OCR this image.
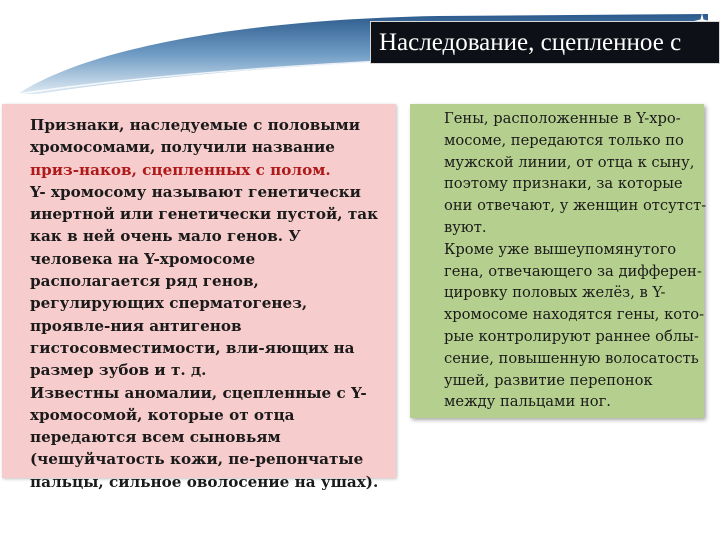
Наследование, сцепленное с

Признаки, наследуемые с половыми хромосомами, получили название приз-наков, сцепленных с полом.

Y- хромосому называют генетически инертной или генетически пустой, так как в ней очень мало генов. У человека на Y-хромосоме располагается ряд генов, регулирующих сперматогенез, проявле-ния антигенов гистосовместимости, вли-яющих на размер зубов и т. д.

Известны аномалии, сцепленные с Y-хромосомой, которые от отца передаются всем сыновьям (чешуйчатость кожи, пе-репончатые пальцы, сильное оволосение на ушах).

Гены, расположенные в Y-хро-мосоме, передаются только по мужской линии, от отца к сыну, поэтому признаки, за которые они отвечают, у женщин отсутст-вуют.

Кроме уже вышеупомянутого гена, отвечающего за дифферен-цировку половых желёз, в Y-хромосоме находятся гены, кото-рые контролируют раннее облы-сение, повышенную волосатость ушей, развитие перепонок между пальцами ног.
